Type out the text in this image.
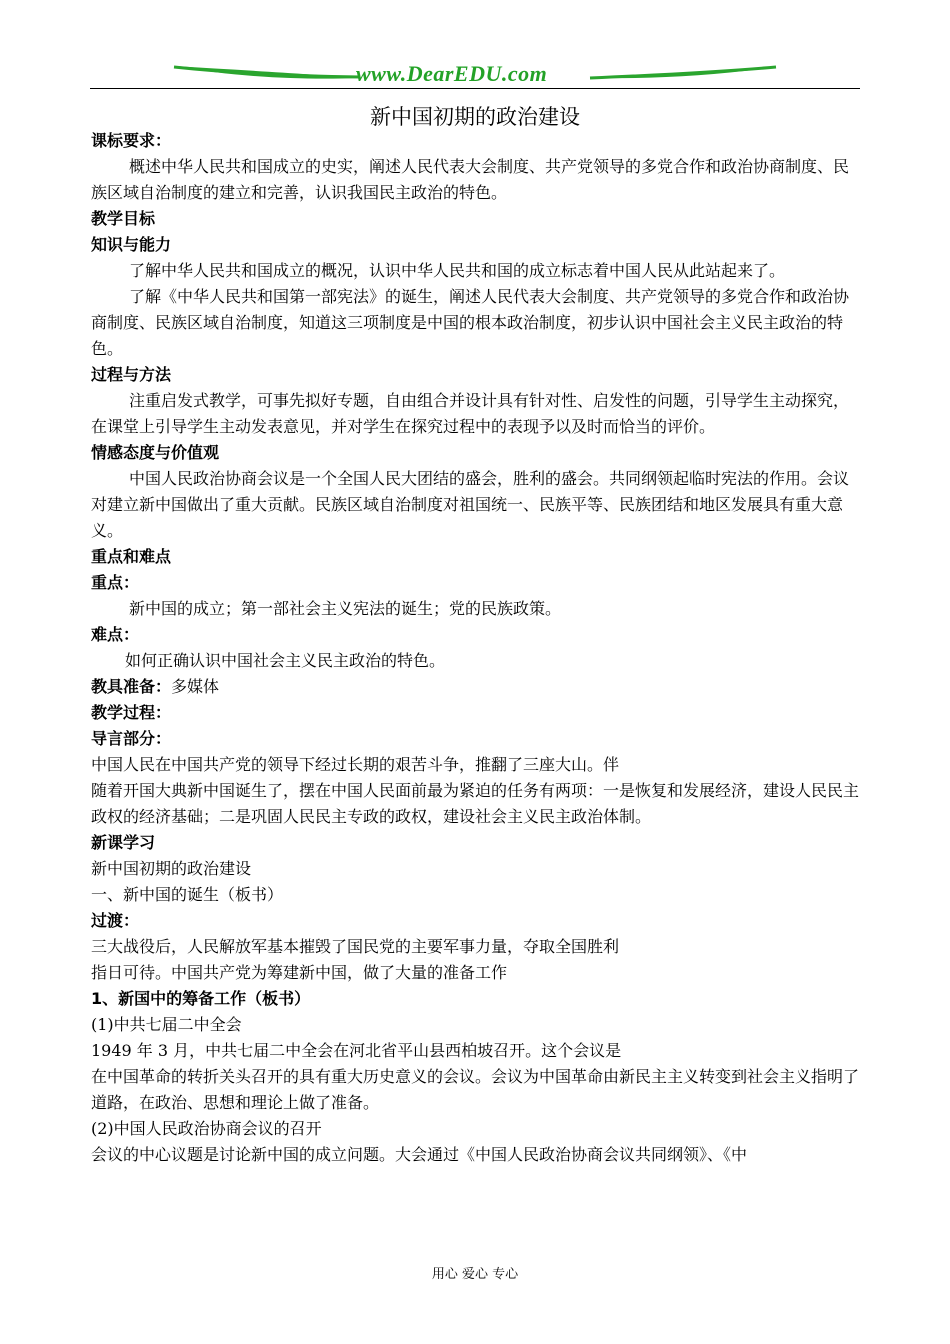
www.DearEDU.com
新中国初期的政治建设

课标要求：

概述中华人民共和国成立的史实，阐述人民代表大会制度、共产党领导的多党合作和政治协商制度、民族区域自治制度的建立和完善，认识我国民主政治的特色。

教学目标

知识与能力

了解中华人民共和国成立的概况，认识中华人民共和国的成立标志着中国人民从此站起来了。

了解《中华人民共和国第一部宪法》的诞生，阐述人民代表大会制度、共产党领导的多党合作和政治协商制度、民族区域自治制度，知道这三项制度是中国的根本政治制度，初步认识中国社会主义民主政治的特色。

过程与方法

注重启发式教学，可事先拟好专题，自由组合并设计具有针对性、启发性的问题，引导学生主动探究，在课堂上引导学生主动发表意见，并对学生在探究过程中的表现予以及时而恰当的评价。

情感态度与价值观

中国人民政治协商会议是一个全国人民大团结的盛会，胜利的盛会。共同纲领起临时宪法的作用。会议对建立新中国做出了重大贡献。民族区域自治制度对祖国统一、民族平等、民族团结和地区发展具有重大意义。

重点和难点

重点：

新中国的成立；第一部社会主义宪法的诞生；党的民族政策。

难点：

如何正确认识中国社会主义民主政治的特色。

教具准备：多媒体

教学过程：

导言部分：

中国人民在中国共产党的领导下经过长期的艰苦斗争，推翻了三座大山。伴

随着开国大典新中国诞生了，摆在中国人民面前最为紧迫的任务有两项：一是恢复和发展经济，建设人民民主政权的经济基础；二是巩固人民民主专政的政权，建设社会主义民主政治体制。

新课学习

新中国初期的政治建设

一、新中国的诞生（板书）

过渡：

三大战役后，人民解放军基本摧毁了国民党的主要军事力量，夺取全国胜利

指日可待。中国共产党为筹建新中国，做了大量的准备工作

1、新国中的筹备工作（板书）

(1)中共七届二中全会

1949 年 3 月，中共七届二中全会在河北省平山县西柏坡召开。这个会议是

在中国革命的转折关头召开的具有重大历史意义的会议。会议为中国革命由新民主主义转变到社会主义指明了道路，在政治、思想和理论上做了准备。

(2)中国人民政治协商会议的召开

会议的中心议题是讨论新中国的成立问题。大会通过《中国人民政治协商会议共同纲领》、《中

用心 爱心 专心
